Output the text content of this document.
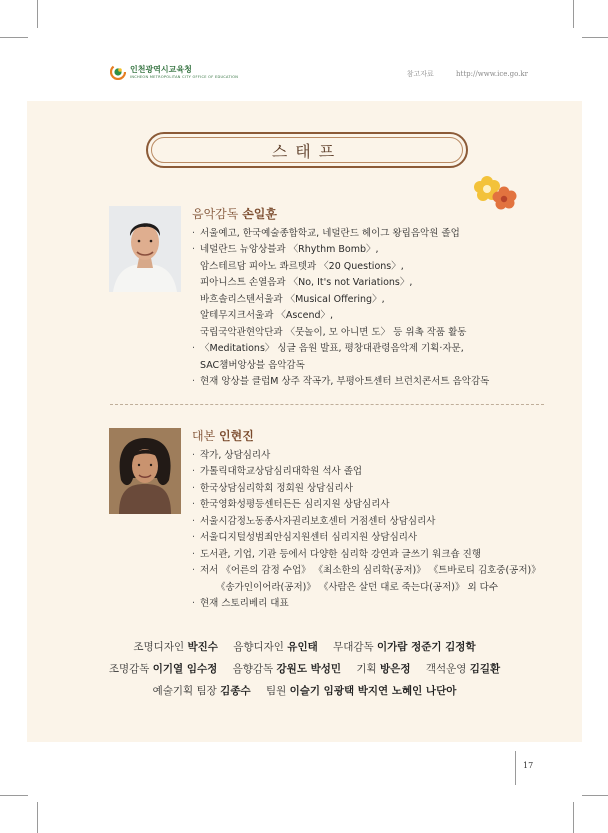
인천광역시교육청
INCHEON METROPOLITAN CITY OFFICE OF EDUCATION	참고자료	http://www.ice.go.kr
스태프
음악감독 손일훈
· 서울예고, 한국예술종합학교, 네덜란드 헤이그 왕립음악원 졸업
· 네덜란드 뉴앙상블과 〈Rhythm Bomb〉,
암스테르담 피아노 콰르텟과 〈20 Questions〉,
피아니스트 손열음과 〈No, It's not Variations〉,
바흐솔리스텐서울과 〈Musical Offering〉,
알테무지크서울과 〈Ascend〉,
국립국악관현악단과 〈뭇놀이, 모 아니면 도〉 등 위촉 작품 활동
· 〈Meditations〉 싱글 음원 발표, 평창대관령음악제 기획·자문,
SAC챔버앙상블 음악감독
· 현재 앙상블 클럽M 상주 작곡가, 부평아트센터 브런치콘서트 음악감독
대본 인현진
· 작가, 상담심리사
· 가톨릭대학교상담심리대학원 석사 졸업
· 한국상담심리학회 정회원 상담심리사
· 한국영화성평등센터든든 심리지원 상담심리사
· 서울시감정노동종사자권리보호센터 거점센터 상담심리사
· 서울디지털성범죄안심지원센터 심리지원 상담심리사
· 도서관, 기업, 기관 등에서 다양한 심리학 강연과 글쓰기 워크숍 진행
· 저서 《어른의 감정 수업》 《최소한의 심리학(공저)》 《트바로티 김호중(공저)》
《송가인이어라(공저)》 《사람은 살던 대로 죽는다(공저)》 외 다수
· 현재 스토리베리 대표
조명디자인 박진수 음향디자인 유인태 무대감독 이가람 정준기 김정학
조명감독 이기열 임수정 음향감독 강원도 박성민 기획 방은정 객석운영 김길환
예술기획 팀장 김종수 팀원 이슬기 임광택 박지연 노혜인 나단아
17
